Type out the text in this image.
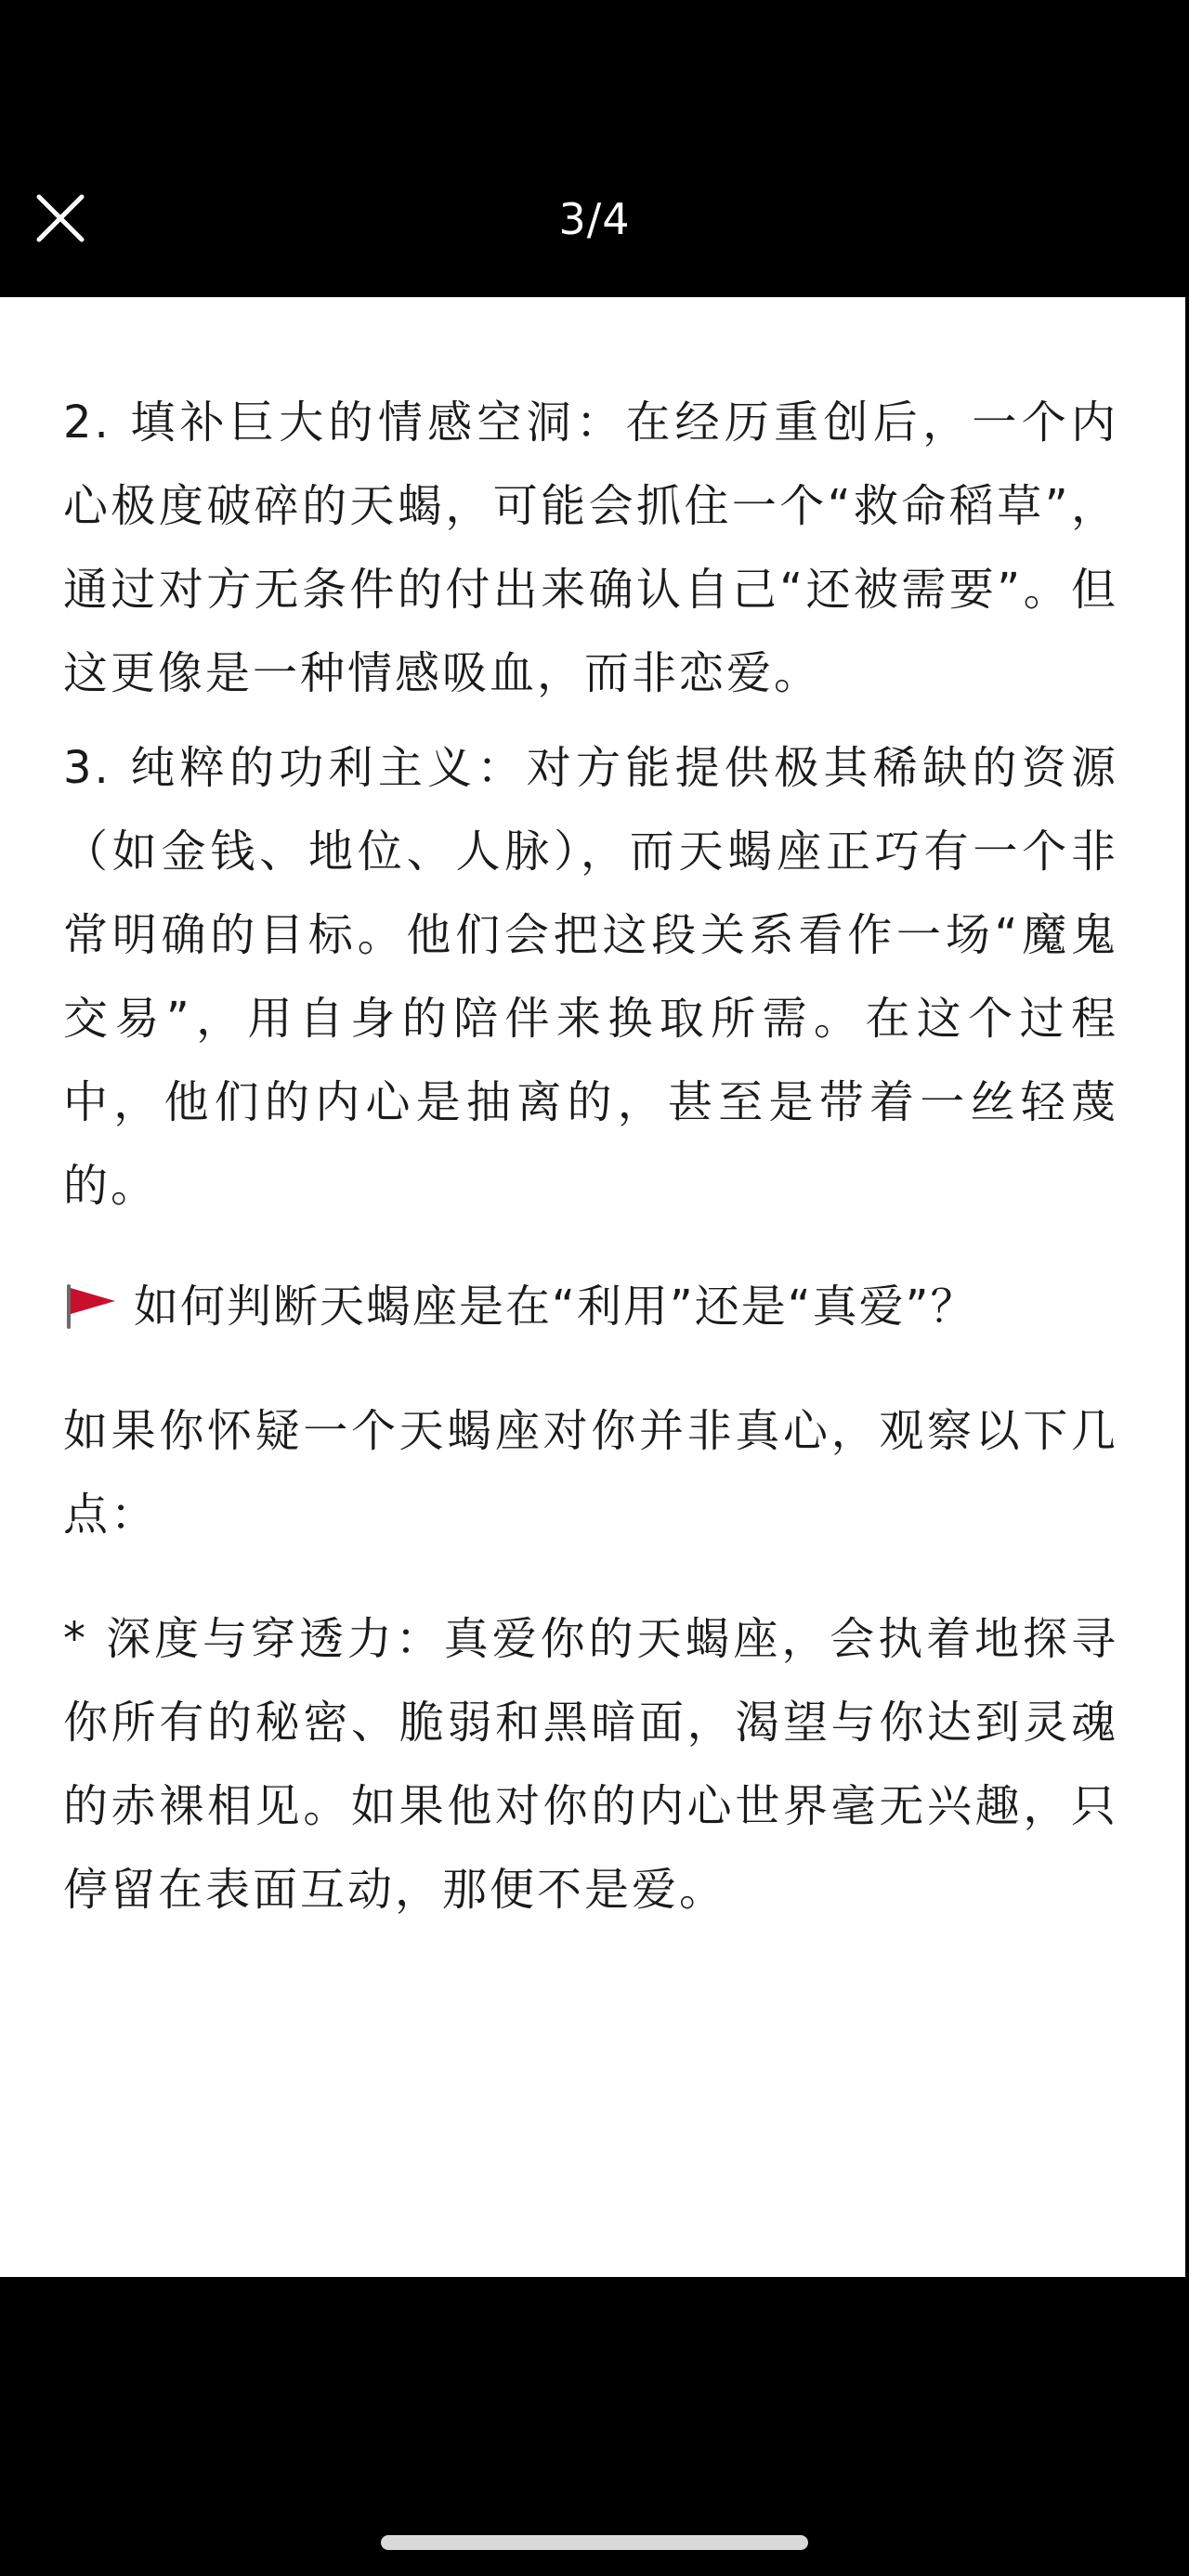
3/4

2. 填补巨大的情感空洞：在经历重创后，一个内心极度破碎的天蝎，可能会抓住一个“救命稻草”，通过对方无条件的付出来确认自己“还被需要”。但这更像是一种情感吸血，而非恋爱。

3. 纯粹的功利主义：对方能提供极其稀缺的资源（如金钱、地位、人脉），而天蝎座正巧有一个非常明确的目标。他们会把这段关系看作一场“魔鬼交易”，用自身的陪伴来换取所需。在这个过程中，他们的内心是抽离的，甚至是带着一丝轻蔑的。

如何判断天蝎座是在“利用”还是“真爱”？

如果你怀疑一个天蝎座对你并非真心，观察以下几点：

* 深度与穿透力：真爱你的天蝎座，会执着地探寻你所有的秘密、脆弱和黑暗面，渴望与你达到灵魂的赤裸相见。如果他对你的内心世界毫无兴趣，只停留在表面互动，那便不是爱。
